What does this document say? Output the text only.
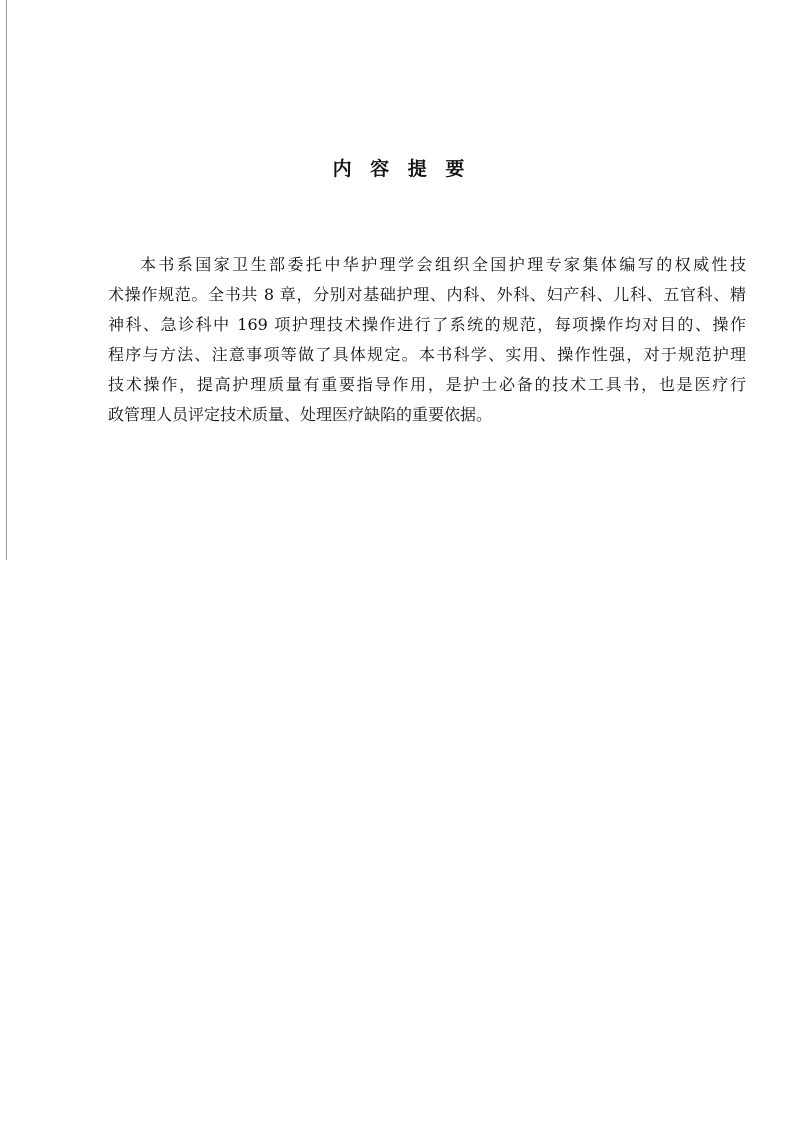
内 容 提 要
本书系国家卫生部委托中华护理学会组织全国护理专家集体编写的权威性技
术操作规范。全书共 8 章，分别对基础护理、内科、外科、妇产科、儿科、五官科、精
神科、急诊科中 169 项护理技术操作进行了系统的规范，每项操作均对目的、操作
程序与方法、注意事项等做了具体规定。本书科学、实用、操作性强，对于规范护理
技术操作，提高护理质量有重要指导作用，是护士必备的技术工具书，也是医疗行
政管理人员评定技术质量、处理医疗缺陷的重要依据。
